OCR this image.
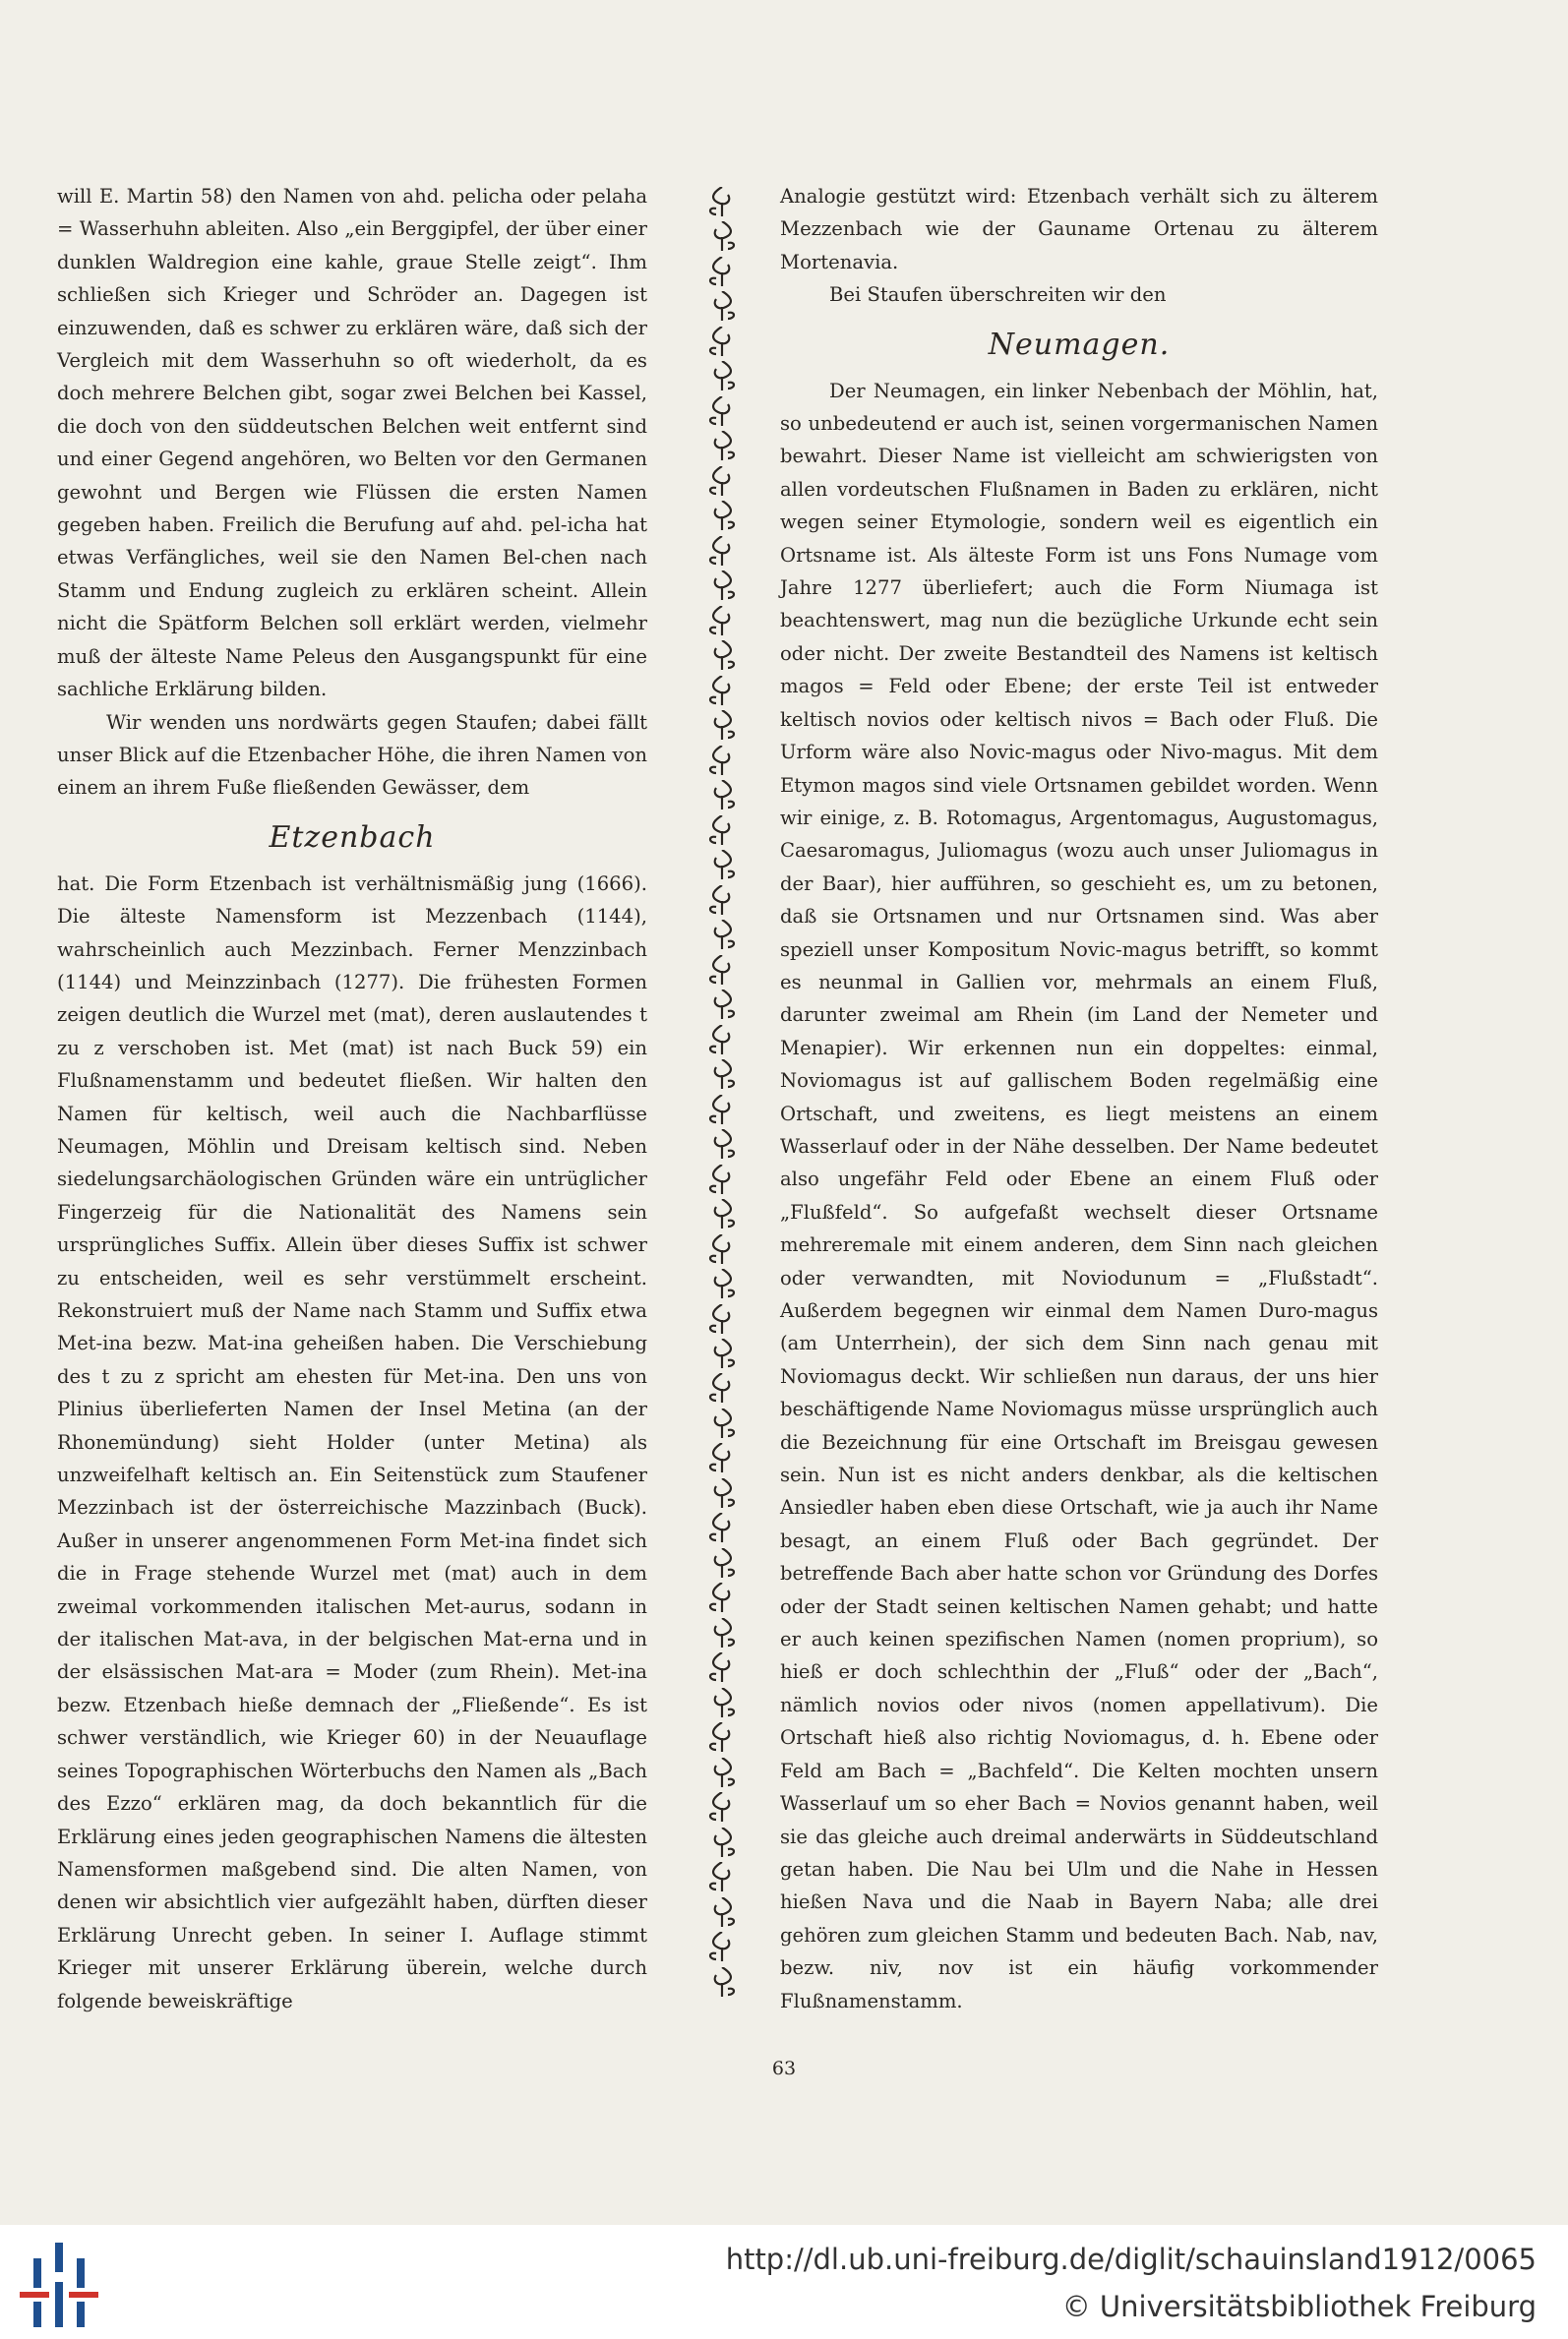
will E. Martin 58) den Namen von ahd. pelicha oder pelaha = Wasserhuhn ableiten. Also „ein Berggipfel, der über einer dunklen Waldregion eine kahle, graue Stelle zeigt“. Ihm schließen sich Krieger und Schröder an. Dagegen ist einzuwenden, daß es schwer zu erklären wäre, daß sich der Vergleich mit dem Wasserhuhn so oft wiederholt, da es doch mehrere Belchen gibt, sogar zwei Belchen bei Kassel, die doch von den süddeutschen Belchen weit entfernt sind und einer Gegend angehören, wo Belten vor den Germanen gewohnt und Bergen wie Flüssen die ersten Namen gegeben haben. Freilich die Berufung auf ahd. pel-icha hat etwas Verfängliches, weil sie den Namen Bel-chen nach Stamm und Endung zugleich zu erklären scheint. Allein nicht die Spätform Belchen soll erklärt werden, vielmehr muß der älteste Name Peleus den Ausgangspunkt für eine sachliche Erklärung bilden.

Wir wenden uns nordwärts gegen Staufen; dabei fällt unser Blick auf die Etzenbacher Höhe, die ihren Namen von einem an ihrem Fuße fließenden Gewässer, dem

Etzenbach

hat. Die Form Etzenbach ist verhältnismäßig jung (1666). Die älteste Namensform ist Mezzenbach (1144), wahrscheinlich auch Mezzinbach. Ferner Menzzinbach (1144) und Meinzzinbach (1277). Die frühesten Formen zeigen deutlich die Wurzel met (mat), deren auslautendes t zu z verschoben ist. Met (mat) ist nach Buck 59) ein Flußnamenstamm und bedeutet fließen. Wir halten den Namen für keltisch, weil auch die Nachbarflüsse Neumagen, Möhlin und Dreisam keltisch sind. Neben siedelungsarchäologischen Gründen wäre ein untrüglicher Fingerzeig für die Nationalität des Namens sein ursprüngliches Suffix. Allein über dieses Suffix ist schwer zu entscheiden, weil es sehr verstümmelt erscheint. Rekonstruiert muß der Name nach Stamm und Suffix etwa Met-ina bezw. Mat-ina geheißen haben. Die Verschiebung des t zu z spricht am ehesten für Met-ina. Den uns von Plinius überlieferten Namen der Insel Metina (an der Rhonemündung) sieht Holder (unter Metina) als unzweifelhaft keltisch an. Ein Seitenstück zum Staufener Mezzinbach ist der österreichische Mazzinbach (Buck). Außer in unserer angenommenen Form Met-ina findet sich die in Frage stehende Wurzel met (mat) auch in dem zweimal vorkommenden italischen Met-aurus, sodann in der italischen Mat-ava, in der belgischen Mat-erna und in der elsässischen Mat-ara = Moder (zum Rhein). Met-ina bezw. Etzenbach hieße demnach der „Fließende“. Es ist schwer verständlich, wie Krieger 60) in der Neuauflage seines Topographischen Wörterbuchs den Namen als „Bach des Ezzo“ erklären mag, da doch bekanntlich für die Erklärung eines jeden geographischen Namens die ältesten Namensformen maßgebend sind. Die alten Namen, von denen wir absichtlich vier aufgezählt haben, dürften dieser Erklärung Unrecht geben. In seiner I. Auflage stimmt Krieger mit unserer Erklärung überein, welche durch folgende beweiskräftige

Analogie gestützt wird: Etzenbach verhält sich zu älterem Mezzenbach wie der Gauname Ortenau zu älterem Mortenavia.

Bei Staufen überschreiten wir den

Neumagen.

Der Neumagen, ein linker Nebenbach der Möhlin, hat, so unbedeutend er auch ist, seinen vorgermanischen Namen bewahrt. Dieser Name ist vielleicht am schwierigsten von allen vordeutschen Flußnamen in Baden zu erklären, nicht wegen seiner Etymologie, sondern weil es eigentlich ein Ortsname ist. Als älteste Form ist uns Fons Numage vom Jahre 1277 überliefert; auch die Form Niumaga ist beachtenswert, mag nun die bezügliche Urkunde echt sein oder nicht. Der zweite Bestandteil des Namens ist keltisch magos = Feld oder Ebene; der erste Teil ist entweder keltisch novios oder keltisch nivos = Bach oder Fluß. Die Urform wäre also Novic-magus oder Nivo-magus. Mit dem Etymon magos sind viele Ortsnamen gebildet worden. Wenn wir einige, z. B. Rotomagus, Argentomagus, Augustomagus, Caesaromagus, Juliomagus (wozu auch unser Juliomagus in der Baar), hier aufführen, so geschieht es, um zu betonen, daß sie Ortsnamen und nur Ortsnamen sind. Was aber speziell unser Kompositum Novic-magus betrifft, so kommt es neunmal in Gallien vor, mehrmals an einem Fluß, darunter zweimal am Rhein (im Land der Nemeter und Menapier). Wir erkennen nun ein doppeltes: einmal, Noviomagus ist auf gallischem Boden regelmäßig eine Ortschaft, und zweitens, es liegt meistens an einem Wasserlauf oder in der Nähe desselben. Der Name bedeutet also ungefähr Feld oder Ebene an einem Fluß oder „Flußfeld“. So aufgefaßt wechselt dieser Ortsname mehreremale mit einem anderen, dem Sinn nach gleichen oder verwandten, mit Noviodunum = „Flußstadt“. Außerdem begegnen wir einmal dem Namen Duro-magus (am Unterrhein), der sich dem Sinn nach genau mit Noviomagus deckt. Wir schließen nun daraus, der uns hier beschäftigende Name Noviomagus müsse ursprünglich auch die Bezeichnung für eine Ortschaft im Breisgau gewesen sein. Nun ist es nicht anders denkbar, als die keltischen Ansiedler haben eben diese Ortschaft, wie ja auch ihr Name besagt, an einem Fluß oder Bach gegründet. Der betreffende Bach aber hatte schon vor Gründung des Dorfes oder der Stadt seinen keltischen Namen gehabt; und hatte er auch keinen spezifischen Namen (nomen proprium), so hieß er doch schlechthin der „Fluß“ oder der „Bach“, nämlich novios oder nivos (nomen appellativum). Die Ortschaft hieß also richtig Noviomagus, d. h. Ebene oder Feld am Bach = „Bachfeld“. Die Kelten mochten unsern Wasserlauf um so eher Bach = Novios genannt haben, weil sie das gleiche auch dreimal anderwärts in Süddeutschland getan haben. Die Nau bei Ulm und die Nahe in Hessen hießen Nava und die Naab in Bayern Naba; alle drei gehören zum gleichen Stamm und bedeuten Bach. Nab, nav, bezw. niv, nov ist ein häufig vorkommender Flußnamenstamm.

63
http://dl.ub.uni-freiburg.de/diglit/schauinsland1912/0065
© Universitätsbibliothek Freiburg
